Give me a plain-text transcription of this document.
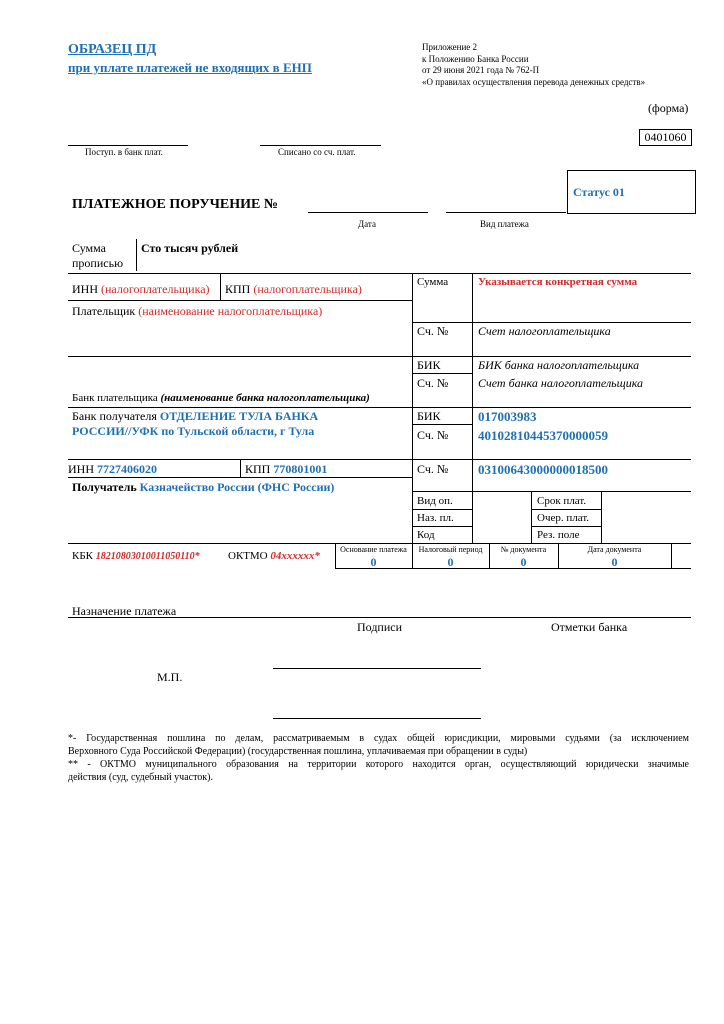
ОБРАЗЕЦ ПД
при уплате платежей не входящих в ЕНП
Приложение 2
к Положению Банка России
от 29 июня 2021 года № 762-П
«О правилах осуществления перевода денежных средств»
(форма)
0401060
Поступ. в банк плат.	Списано со сч. плат.
Статус 01
ПЛАТЕЖНОЕ ПОРУЧЕНИЕ №
Дата	Вид платежа
Сумма
прописью
Сто тысяч рублей
ИНН (налогоплательщика) КПП (налогоплательщика)
Плательщик (наименование налогоплательщика)
Сумма	Указывается конкретная сумма
Сч. № Счет налогоплательщика
БИК	БИК банка налогоплательщика
Сч. № Счет банка налогоплательщика
Банк плательщика (наименование банка налогоплательщика)
Банк получателя ОТДЕЛЕНИЕ ТУЛА БАНКА
РОССИИ//УФК по Тульской области, г Тула
БИК	017003983
Сч. № 40102810445370000059
ИНН 7727406020	КПП 770801001	Сч. № 03100643000000018500
Получатель Казначейство России (ФНС России)
Вид оп.	Срок плат.
Наз. пл.	Очер. плат.
Код	Рез. поле
КБК 18210803010011050110*	ОКТМО 04xxxxxx*
Основание платежа
0
Налоговый период
0
№ документа
0
Дата документа
0
Назначение платежа
Подписи	Отметки банка
М.П.
*- Государственная пошлина по делам, рассматриваемым в судах общей юрисдикции, мировыми судьями (за исключением
Верховного Суда Российской Федерации) (государственная пошлина, уплачиваемая при обращении в суды)
** - ОКТМО муниципального образования на территории которого находится орган, осуществляющий юридически значимые
действия (суд, судебный участок).
